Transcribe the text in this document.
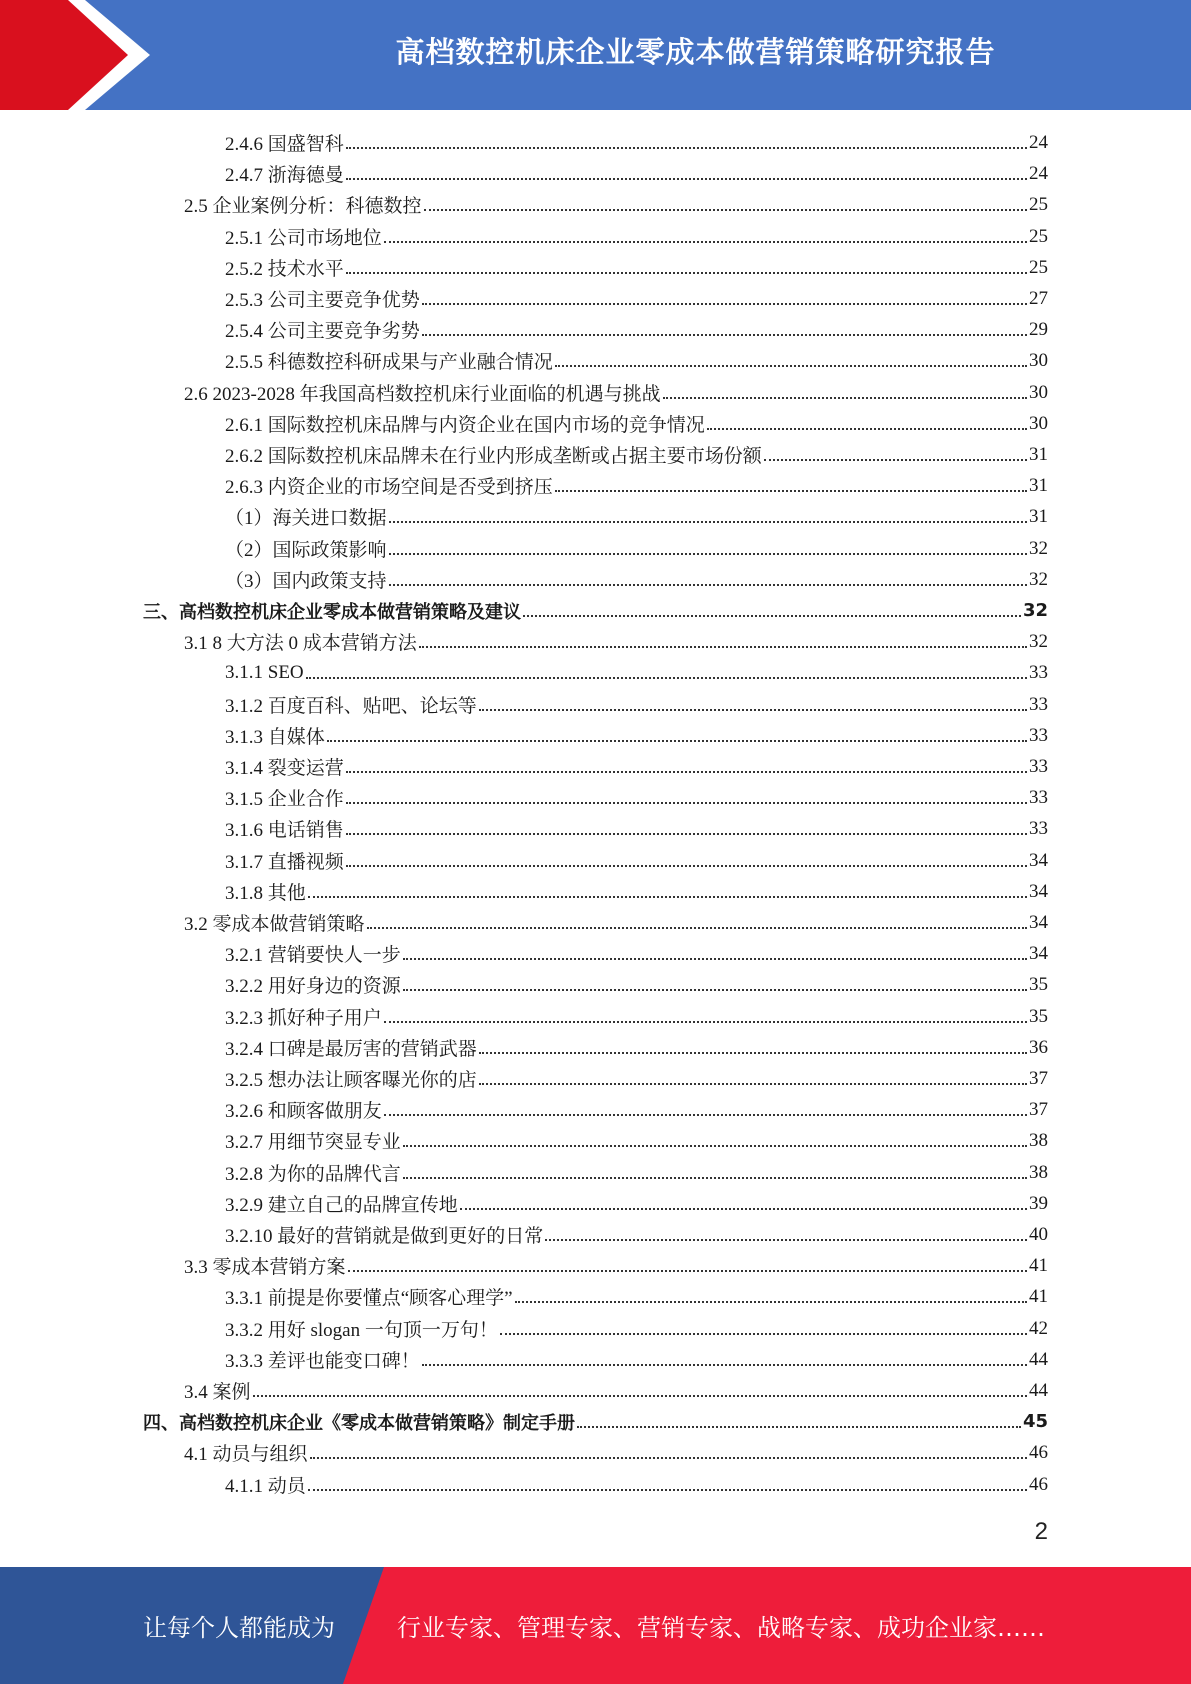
高档数控机床企业零成本做营销策略研究报告
2.4.6 国盛智科	24
2.4.7 浙海德曼	24
2.5 企业案例分析：科德数控	25
2.5.1 公司市场地位	25
2.5.2 技术水平	25
2.5.3 公司主要竞争优势	27
2.5.4 公司主要竞争劣势	29
2.5.5 科德数控科研成果与产业融合情况	30
2.6 2023-2028 年我国高档数控机床行业面临的机遇与挑战	30
2.6.1 国际数控机床品牌与内资企业在国内市场的竞争情况	30
2.6.2 国际数控机床品牌未在行业内形成垄断或占据主要市场份额	31
2.6.3 内资企业的市场空间是否受到挤压	31
（1）海关进口数据	31
（2）国际政策影响	32
（3）国内政策支持	32
三、高档数控机床企业零成本做营销策略及建议	32
3.1 8 大方法 0 成本营销方法	32
3.1.1 SEO	33
3.1.2 百度百科、贴吧、论坛等	33
3.1.3 自媒体	33
3.1.4 裂变运营	33
3.1.5 企业合作	33
3.1.6 电话销售	33
3.1.7 直播视频	34
3.1.8 其他	34
3.2 零成本做营销策略	34
3.2.1 营销要快人一步	34
3.2.2 用好身边的资源	35
3.2.3 抓好种子用户	35
3.2.4 口碑是最厉害的营销武器	36
3.2.5 想办法让顾客曝光你的店	37
3.2.6 和顾客做朋友	37
3.2.7 用细节突显专业	38
3.2.8 为你的品牌代言	38
3.2.9 建立自己的品牌宣传地	39
3.2.10 最好的营销就是做到更好的日常	40
3.3 零成本营销方案	41
3.3.1 前提是你要懂点“顾客心理学”	41
3.3.2 用好 slogan 一句顶一万句！	42
3.3.3 差评也能变口碑！	44
3.4 案例	44
四、高档数控机床企业《零成本做营销策略》制定手册	45
4.1 动员与组织	46
4.1.1 动员	46
2
让每个人都能成为	行业专家、管理专家、营销专家、战略专家、成功企业家……
